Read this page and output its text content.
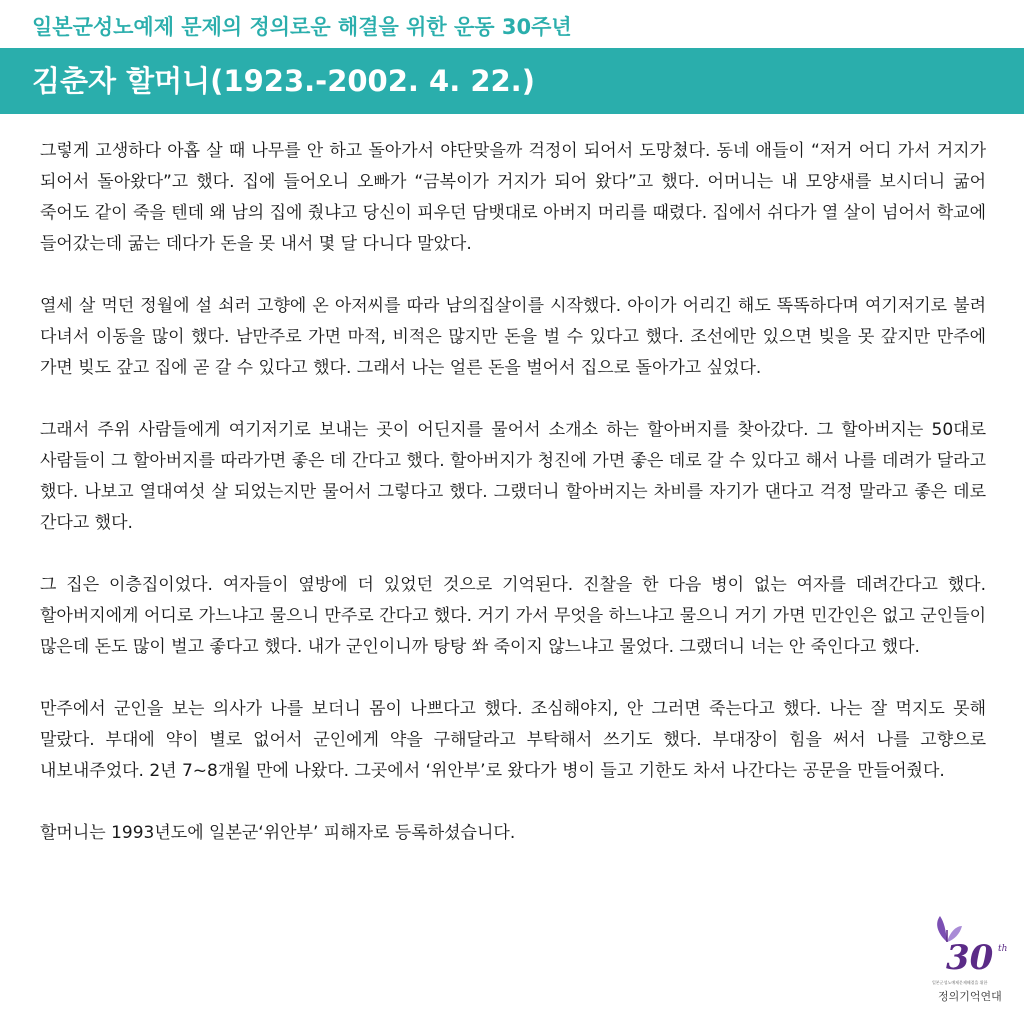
일본군성노예제 문제의 정의로운 해결을 위한 운동 30주년
김춘자 할머니(1923.-2002. 4. 22.)

그렇게 고생하다 아홉 살 때 나무를 안 하고 돌아가서 야단맞을까 걱정이 되어서 도망쳤다. 동네 애들이 “저거 어디 가서 거지가 되어서 돌아왔다”고 했다. 집에 들어오니 오빠가 “금복이가 거지가 되어 왔다”고 했다. 어머니는 내 모양새를 보시더니 굶어 죽어도 같이 죽을 텐데 왜 남의 집에 줬냐고 당신이 피우던 담뱃대로 아버지 머리를 때렸다. 집에서 쉬다가 열 살이 넘어서 학교에 들어갔는데 굶는 데다가 돈을 못 내서 몇 달 다니다 말았다.

열세 살 먹던 정월에 설 쇠러 고향에 온 아저씨를 따라 남의집살이를 시작했다. 아이가 어리긴 해도 똑똑하다며 여기저기로 불려 다녀서 이동을 많이 했다. 남만주로 가면 마적, 비적은 많지만 돈을 벌 수 있다고 했다. 조선에만 있으면 빚을 못 갚지만 만주에 가면 빚도 갚고 집에 곧 갈 수 있다고 했다. 그래서 나는 얼른 돈을 벌어서 집으로 돌아가고 싶었다.

그래서 주위 사람들에게 여기저기로 보내는 곳이 어딘지를 물어서 소개소 하는 할아버지를 찾아갔다. 그 할아버지는 50대로 사람들이 그 할아버지를 따라가면 좋은 데 간다고 했다. 할아버지가 청진에 가면 좋은 데로 갈 수 있다고 해서 나를 데려가 달라고 했다. 나보고 열대여섯 살 되었는지만 물어서 그렇다고 했다. 그랬더니 할아버지는 차비를 자기가 댄다고 걱정 말라고 좋은 데로 간다고 했다.

그 집은 이층집이었다. 여자들이 옆방에 더 있었던 것으로 기억된다. 진찰을 한 다음 병이 없는 여자를 데려간다고 했다. 할아버지에게 어디로 가느냐고 물으니 만주로 간다고 했다. 거기 가서 무엇을 하느냐고 물으니 거기 가면 민간인은 없고 군인들이 많은데 돈도 많이 벌고 좋다고 했다. 내가 군인이니까 탕탕 쏴 죽이지 않느냐고 물었다. 그랬더니 너는 안 죽인다고 했다.

만주에서 군인을 보는 의사가 나를 보더니 몸이 나쁘다고 했다. 조심해야지, 안 그러면 죽는다고 했다. 나는 잘 먹지도 못해 말랐다. 부대에 약이 별로 없어서 군인에게 약을 구해달라고 부탁해서 쓰기도 했다. 부대장이 힘을 써서 나를 고향으로 내보내주었다. 2년 7~8개월 만에 나왔다. 그곳에서 ‘위안부’로 왔다가 병이 들고 기한도 차서 나간다는 공문을 만들어줬다.

할머니는 1993년도에 일본군‘위안부’ 피해자로 등록하셨습니다.

30 th
일본군성노예제문제해결을 위한
정의기억연대
